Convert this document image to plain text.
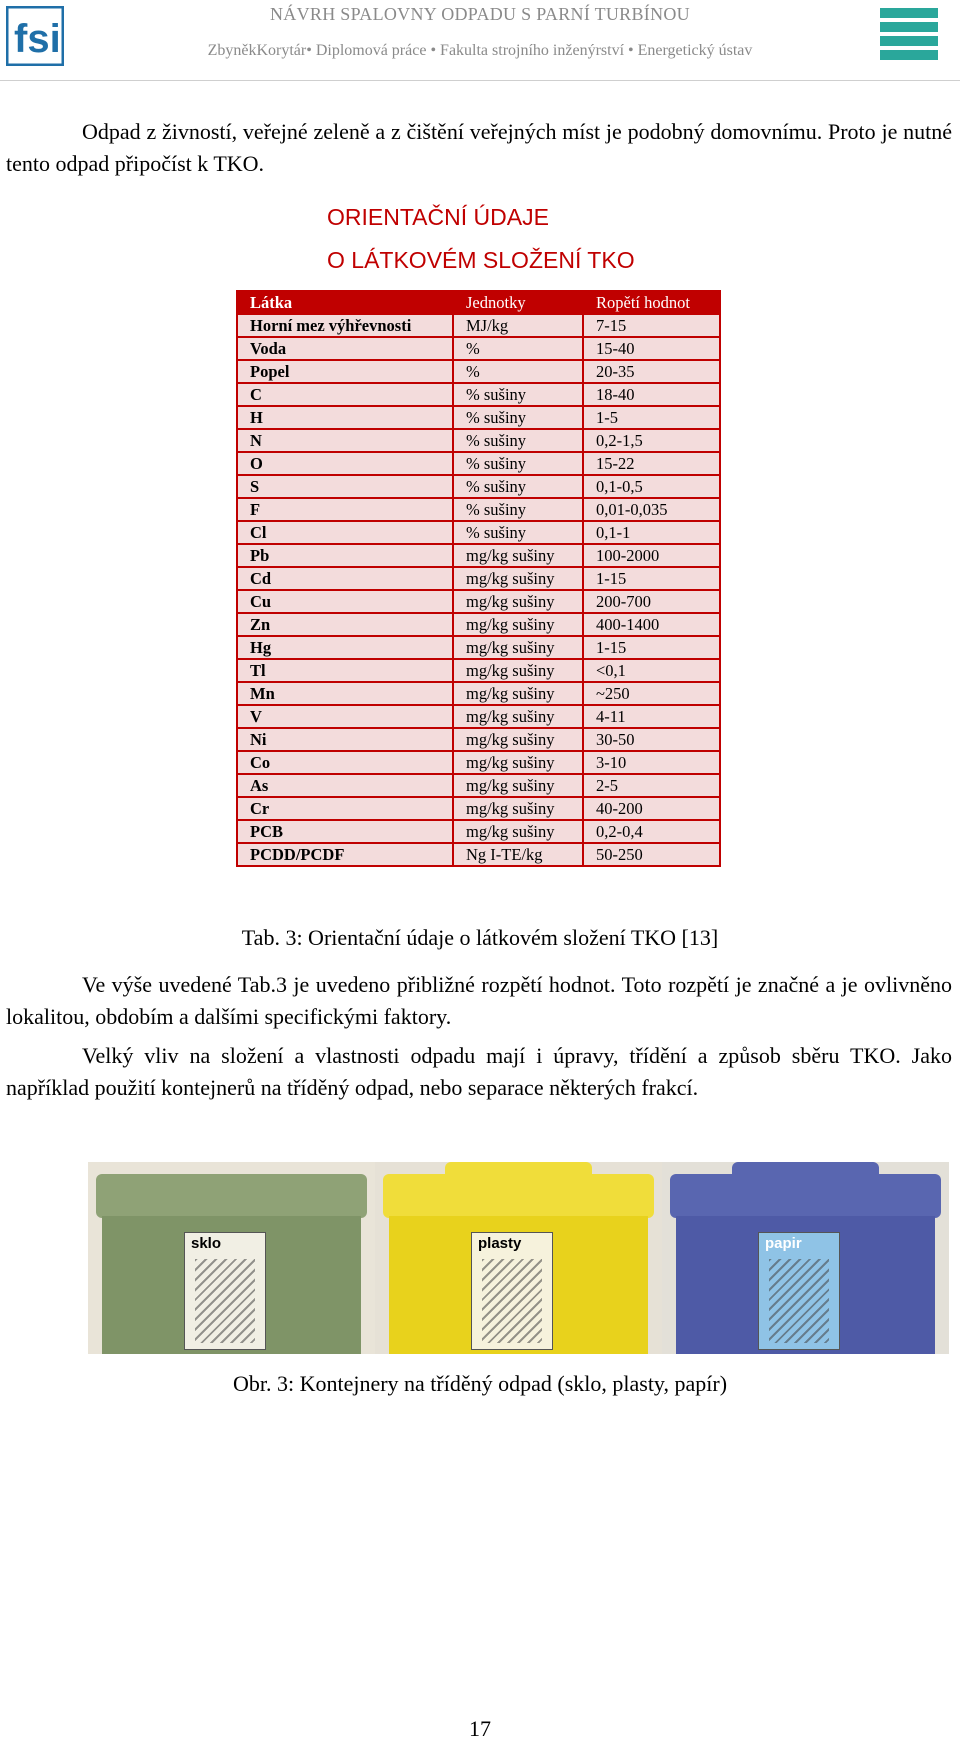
fsi
NÁVRH SPALOVNY ODPADU S PARNÍ TURBÍNOU
ZbyněkKorytár• Diplomová práce • Fakulta strojního inženýrství • Energetický ústav
Odpad z živností, veřejné zeleně a z čištění veřejných míst je podobný domovnímu. Proto je nutné tento odpad připočíst k TKO.
ORIENTAČNÍ ÚDAJE
O LÁTKOVÉM SLOŽENÍ TKO
Látka	Jednotky	Ropětí hodnot
Horní mez výhřevnosti	MJ/kg	7-15
Voda	%	15-40
Popel	%	20-35
C	% sušiny	18-40
H	% sušiny	1-5
N	% sušiny	0,2-1,5
O	% sušiny	15-22
S	% sušiny	0,1-0,5
F	% sušiny	0,01-0,035
Cl	% sušiny	0,1-1
Pb	mg/kg sušiny	100-2000
Cd	mg/kg sušiny	1-15
Cu	mg/kg sušiny	200-700
Zn	mg/kg sušiny	400-1400
Hg	mg/kg sušiny	1-15
Tl	mg/kg sušiny	<0,1
Mn	mg/kg sušiny	~250
V	mg/kg sušiny	4-11
Ni	mg/kg sušiny	30-50
Co	mg/kg sušiny	3-10
As	mg/kg sušiny	2-5
Cr	mg/kg sušiny	40-200
PCB	mg/kg sušiny	0,2-0,4
PCDD/PCDF	Ng I-TE/kg	50-250
Tab. 3: Orientační údaje o látkovém složení TKO [13]
Ve výše uvedené Tab.3 je uvedeno přibližné rozpětí hodnot. Toto rozpětí je značné a je ovlivněno lokalitou, obdobím a dalšími specifickými faktory.
Velký vliv na složení a vlastnosti odpadu mají i úpravy, třídění a způsob sběru TKO. Jako například použití kontejnerů na tříděný odpad, nebo separace některých frakcí.
sklo	plasty	papir
Obr. 3: Kontejnery na tříděný odpad (sklo, plasty, papír)
17
